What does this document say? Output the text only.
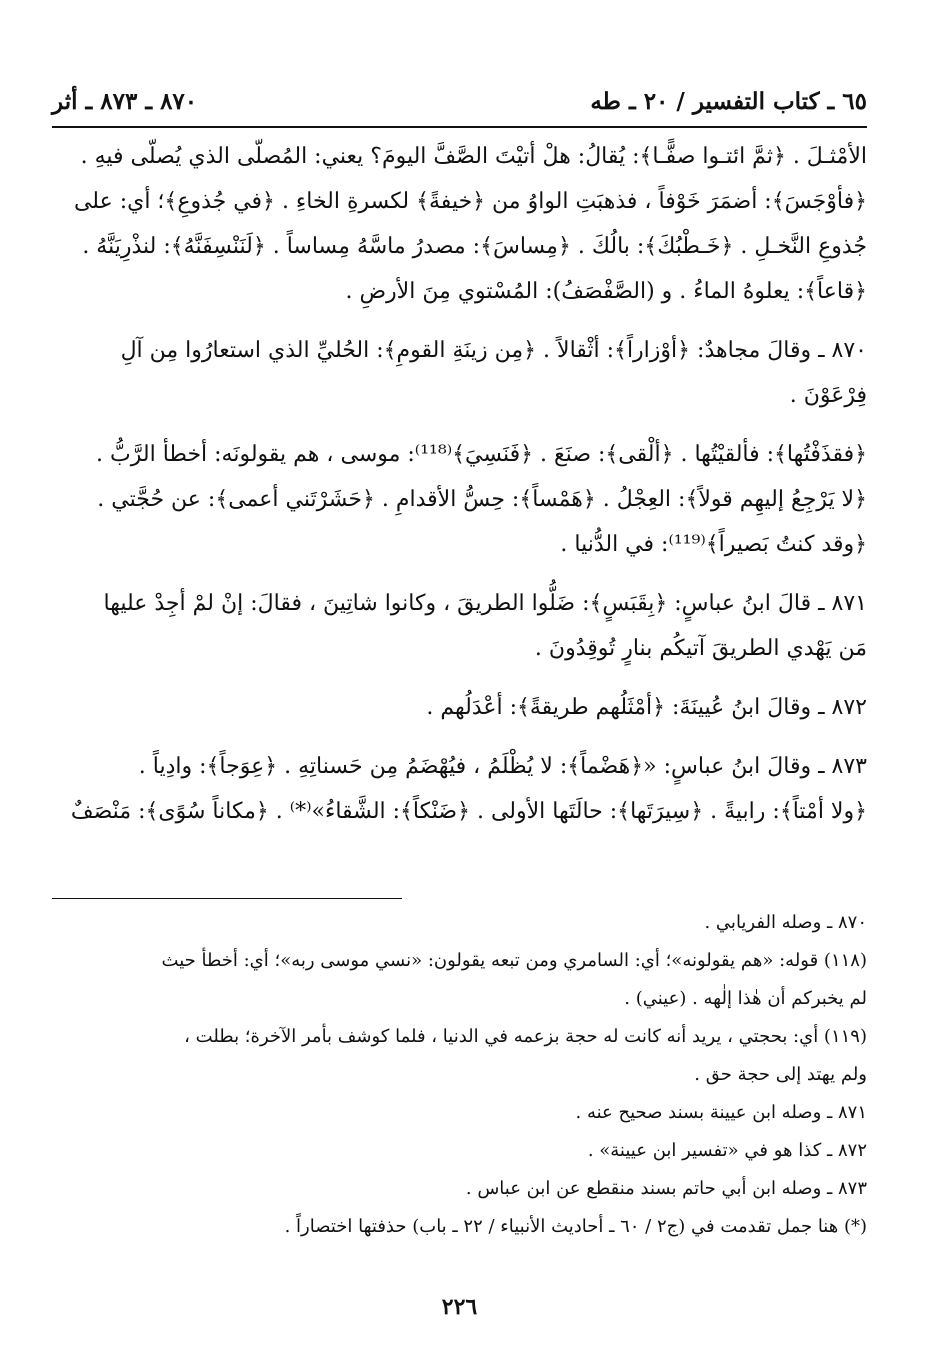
٦٥ ـ كتاب التفسير / ٢٠ ـ طه
٨٧٠ ـ ٨٧٣ ـ أثر

الأمْثـلَ . ﴿ثمَّ ائتـوا صفًّـا﴾: يُقالُ: هلْ أتيْتَ الصَّفَّ اليومَ؟ يعني: المُصلّى الذي يُصلّى فيهِ .

﴿فأوْجَسَ﴾: أضمَرَ خَوْفاً ، فذهبَتِ الواوُ من ﴿خيفةً﴾ لكسرةِ الخاءِ . ﴿في جُذوعِ﴾؛ أي: على

جُذوعِ النَّخـلِ . ﴿خَـطْبُكَ﴾: بالُكَ . ﴿مِساسَ﴾: مصدرُ ماسَّهُ مِساساً . ﴿لَنَنْسِفَنَّهُ﴾: لنذْرِيَنَّهُ .

﴿قاعاً﴾: يعلوهُ الماءُ . و (الصَّفْصَفُ): المُسْتوي مِنَ الأرضِ .

٨٧٠ ـ وقالَ مجاهدٌ: ﴿أوْزاراً﴾: أثْقالاً . ﴿مِن زينَةِ القومِ﴾: الحُليِّ الذي استعارُوا مِن آلِ

فِرْعَوْنَ .

﴿فقذَفْتُها﴾: فألقيْتُها . ﴿ألْقى﴾: صنَعَ . ﴿فَنَسِيَ﴾⁽¹¹⁸⁾: موسى ، هم يقولونَه: أخطأ الرَّبُّ .

﴿لا يَرْجِعُ إليهِم قولاً﴾: العِجْلُ . ﴿هَمْساً﴾: حِسُّ الأقدامِ . ﴿حَشَرْتَني أعمى﴾: عن حُجَّتي .

﴿وقد كنتُ بَصيراً﴾⁽¹¹⁹⁾: في الدُّنيا .

٨٧١ ـ قالَ ابنُ عباسٍ: ﴿بِقَبَسٍ﴾: ضَلُّوا الطريقَ ، وكانوا شاتِينَ ، فقالَ: إنْ لمْ أجِدْ عليها

مَن يَهْدي الطريقَ آتيكُم بنارٍ تُوقِدُونَ .

٨٧٢ ـ وقالَ ابنُ عُيينَةَ: ﴿أمْثَلُهم طريقةً﴾: أعْدَلُهم .

٨٧٣ ـ وقالَ ابنُ عباسٍ: «﴿هَضْماً﴾: لا يُظْلَمُ ، فيُهْضَمُ مِن حَسناتِهِ . ﴿عِوَجاً﴾: وادِياً .

﴿ولا أمْتاً﴾: رابيةً . ﴿سِيرَتَها﴾: حالَتَها الأولى . ﴿ضَنْكاً﴾: الشَّقاءُ»⁽*⁾ . ﴿مكاناً سُوًى﴾: مَنْصَفٌ

٨٧٠ ـ وصله الفريابي .

(١١٨) قوله: «هم يقولونه»؛ أي: السامري ومن تبعه يقولون: «نسي موسى ربه»؛ أي: أخطأ حيث

لم يخبركم أن هٰذا إلٰهه . (عيني) .

(١١٩) أي: بحجتي ، يريد أنه كانت له حجة بزعمه في الدنيا ، فلما كوشف بأمر الآخرة؛ بطلت ،

ولم يهتد إلى حجة حق .

٨٧١ ـ وصله ابن عيينة بسند صحيح عنه .

٨٧٢ ـ كذا هو في «تفسير ابن عيينة» .

٨٧٣ ـ وصله ابن أبي حاتم بسند منقطع عن ابن عباس .

(*) هنا جمل تقدمت في (ج٢ / ٦٠ ـ أحاديث الأنبياء / ٢٢ ـ باب) حذفتها اختصاراً .

٢٢٦
